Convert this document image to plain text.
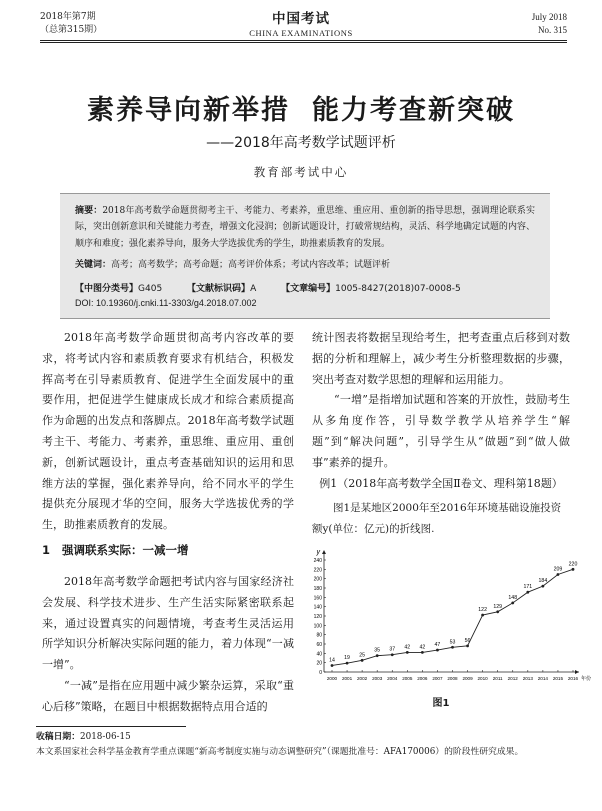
2018年第7期
（总第315期）
中国考试
CHINA EXAMINATIONS
July 2018
No. 315
素养导向新举措 能力考查新突破
——2018年高考数学试题评析
教育部考试中心
摘要：2018年高考数学命题贯彻考主干、考能力、考素养，重思维、重应用、重创新的指导思想，强调理论联系实际，突出创新意识和关键能力考查，增强文化浸润；创新试题设计，打破常规结构，灵活、科学地确定试题的内容、顺序和难度；强化素养导向，服务大学选拔优秀的学生，助推素质教育的发展。
关键词：高考；高考数学；高考命题；高考评价体系；考试内容改革；试题评析
【中图分类号】G405	【文献标识码】A	【文章编号】1005-8427(2018)07-0008-5
DOI: 10.19360/j.cnki.11-3303/g4.2018.07.002

2018年高考数学命题贯彻高考内容改革的要求，将考试内容和素质教育要求有机结合，积极发挥高考在引导素质教育、促进学生全面发展中的重要作用，把促进学生健康成长成才和综合素质提高作为命题的出发点和落脚点。2018年高考数学试题考主干、考能力、考素养，重思维、重应用、重创新，创新试题设计，重点考查基础知识的运用和思维方法的掌握，强化素养导向，给不同水平的学生提供充分展现才华的空间，服务大学选拔优秀的学生，助推素质教育的发展。

1 强调联系实际：一减一增

2018年高考数学命题把考试内容与国家经济社会发展、科学技术进步、生产生活实际紧密联系起来，通过设置真实的问题情境，考查考生灵活运用所学知识分析解决实际问题的能力，着力体现“一减一增”。

“一减”是指在应用题中减少繁杂运算，采取“重心后移”策略，在题目中根据数据特点用合适的

统计图表将数据呈现给考生，把考查重点后移到对数据的分析和理解上，减少考生分析整理数据的步骤，突出考查对数学思想的理解和运用能力。

“一增”是指增加试题和答案的开放性，鼓励考生从多角度作答，引导数学教学从培养学生“解题”到“解决问题”，引导学生从“做题”到“做人做事”素养的提升。

例1（2018年高考数学全国Ⅱ卷文、理科第18题）

图1是某地区2000年至2016年环境基础设施投资额y(单位：亿元)的折线图.

y
0
20
40
60
80
100
120
140
160
180
200
220
240
2000 2001 2002 2003 2004 2005 2006 2007 2008 2009 2010 2011 2012 2013 2014 2015 2016 年份
14 19 25
35 37 42 42 47 53 56
122
129
148
171
184
209
220
图1
收稿日期：2018-06-15
本文系国家社会科学基金教育学重点课题“新高考制度实施与动态调整研究”（课题批准号：AFA170006）的阶段性研究成果。
